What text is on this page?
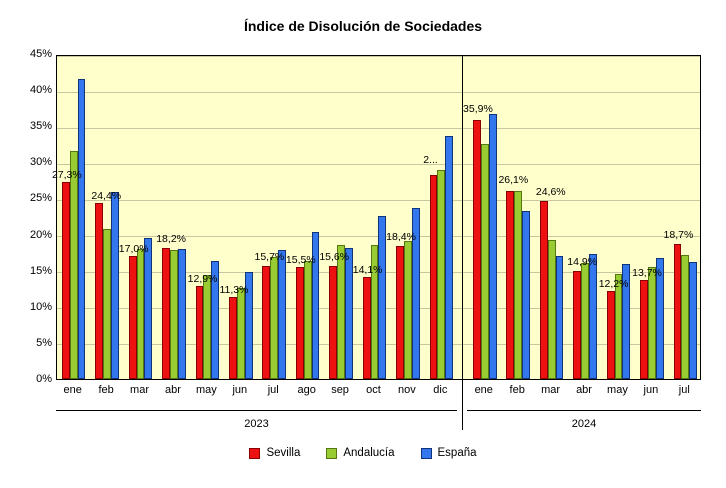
Índice de Disolución de Sociedades
ene	feb	mar	abr	may	jun	jul	ago	sep	oct	nov	dic	ene	feb	mar	abr	may	jun	jul
2023	2024
Sevilla	Andalucía	España
0%
5%
10%
15%
20%
25%
30%
35%
40%
45%
27,3%
24,4%
17,0%
18,2%
12,9%
11,3%
15,7% 15,5% 15,6%
14,1%
18,4%
2...
35,9%
26,1%
24,6%
14,9%
12,2%
13,7%
18,7%
